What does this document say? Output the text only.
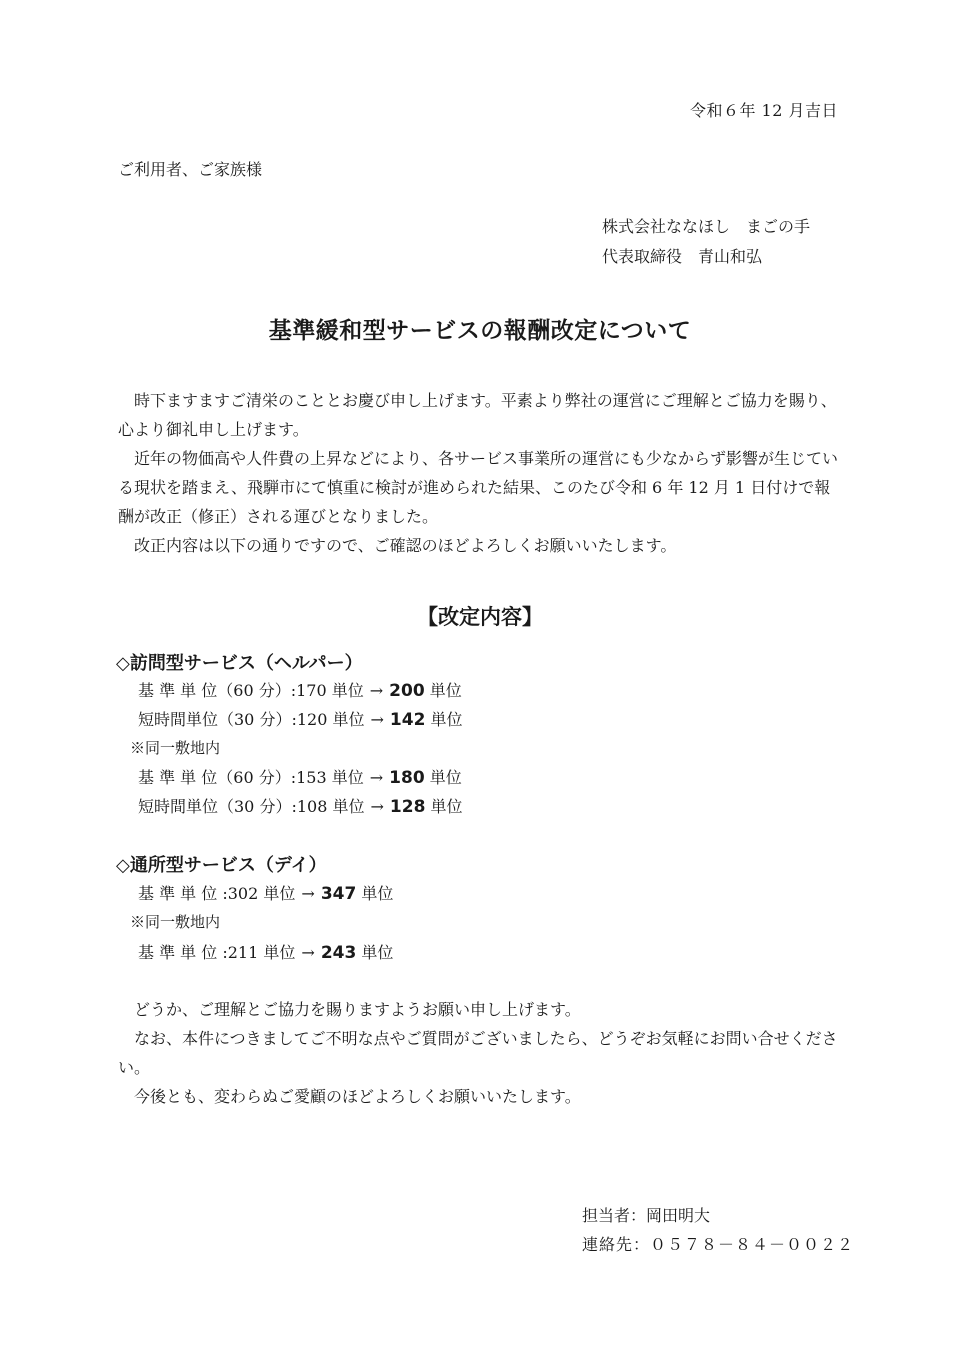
令和６年 12 月吉日
ご利用者、ご家族様
株式会社ななほし　まごの手
代表取締役　青山和弘
基準緩和型サービスの報酬改定について

時下ますますご清栄のこととお慶び申し上げます。平素より弊社の運営にご理解とご協力を賜り、心より御礼申し上げます。

近年の物価高や人件費の上昇などにより、各サービス事業所の運営にも少なからず影響が生じている現状を踏まえ、飛騨市にて慎重に検討が進められた結果、このたび令和 6 年 12 月 1 日付けで報酬が改正（修正）される運びとなりました。

改正内容は以下の通りですので、ご確認のほどよろしくお願いいたします。

【改定内容】
◇訪問型サービス（ヘルパー）
基 準 単 位（60 分）:170 単位 → 200 単位
短時間単位（30 分）:120 単位 → 142 単位
※同一敷地内
基 準 単 位（60 分）:153 単位 → 180 単位
短時間単位（30 分）:108 単位 → 128 単位
◇通所型サービス（デイ）
基 準 単 位 :302 単位 → 347 単位
※同一敷地内
基 準 単 位 :211 単位 → 243 単位

どうか、ご理解とご協力を賜りますようお願い申し上げます。

なお、本件につきましてご不明な点やご質問がございましたら、どうぞお気軽にお問い合せください。

今後とも、変わらぬご愛顧のほどよろしくお願いいたします。

担当者：岡田明大
連絡先：０５７８－８４－００２２
